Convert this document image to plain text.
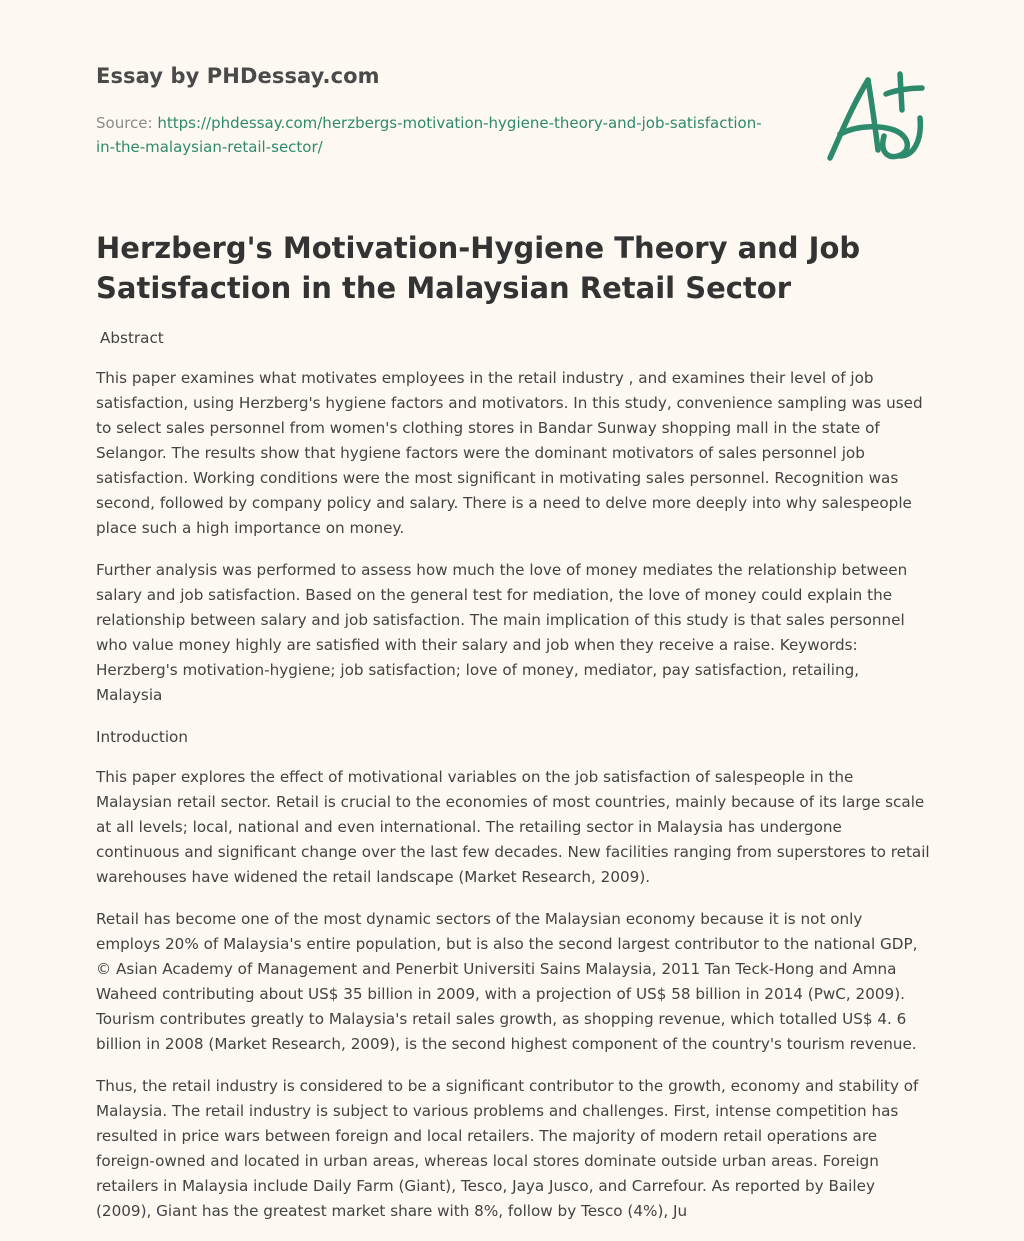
Essay by PHDessay.com
Source: https://phdessay.com/herzbergs-motivation-hygiene-theory-and-job-satisfaction-in-the-malaysian-retail-sector/
Herzberg's Motivation-Hygiene Theory and Job Satisfaction in the Malaysian Retail Sector

Abstract

This paper examines what motivates employees in the retail industry , and examines their level of job satisfaction, using Herzberg's hygiene factors and motivators. In this study, convenience sampling was used to select sales personnel from women's clothing stores in Bandar Sunway shopping mall in the state of Selangor. The results show that hygiene factors were the dominant motivators of sales personnel job satisfaction. Working conditions were the most significant in motivating sales personnel. Recognition was second, followed by company policy and salary. There is a need to delve more deeply into why salespeople place such a high importance on money.

Further analysis was performed to assess how much the love of money mediates the relationship between salary and job satisfaction. Based on the general test for mediation, the love of money could explain the relationship between salary and job satisfaction. The main implication of this study is that sales personnel who value money highly are satisfied with their salary and job when they receive a raise. Keywords: Herzberg's motivation-hygiene; job satisfaction; love of money, mediator, pay satisfaction, retailing, Malaysia

Introduction

This paper explores the effect of motivational variables on the job satisfaction of salespeople in the Malaysian retail sector. Retail is crucial to the economies of most countries, mainly because of its large scale at all levels; local, national and even international. The retailing sector in Malaysia has undergone continuous and significant change over the last few decades. New facilities ranging from superstores to retail warehouses have widened the retail landscape (Market Research, 2009).

Retail has become one of the most dynamic sectors of the Malaysian economy because it is not only employs 20% of Malaysia's entire population, but is also the second largest contributor to the national GDP, © Asian Academy of Management and Penerbit Universiti Sains Malaysia, 2011 Tan Teck-Hong and Amna Waheed contributing about US$ 35 billion in 2009, with a projection of US$ 58 billion in 2014 (PwC, 2009). Tourism contributes greatly to Malaysia's retail sales growth, as shopping revenue, which totalled US$ 4. 6 billion in 2008 (Market Research, 2009), is the second highest component of the country's tourism revenue.

Thus, the retail industry is considered to be a significant contributor to the growth, economy and stability of Malaysia. The retail industry is subject to various problems and challenges. First, intense competition has resulted in price wars between foreign and local retailers. The majority of modern retail operations are foreign-owned and located in urban areas, whereas local stores dominate outside urban areas. Foreign retailers in Malaysia include Daily Farm (Giant), Tesco, Jaya Jusco, and Carrefour. As reported by Bailey (2009), Giant has the greatest market share with 8%, follow by Tesco (4%), Ju
